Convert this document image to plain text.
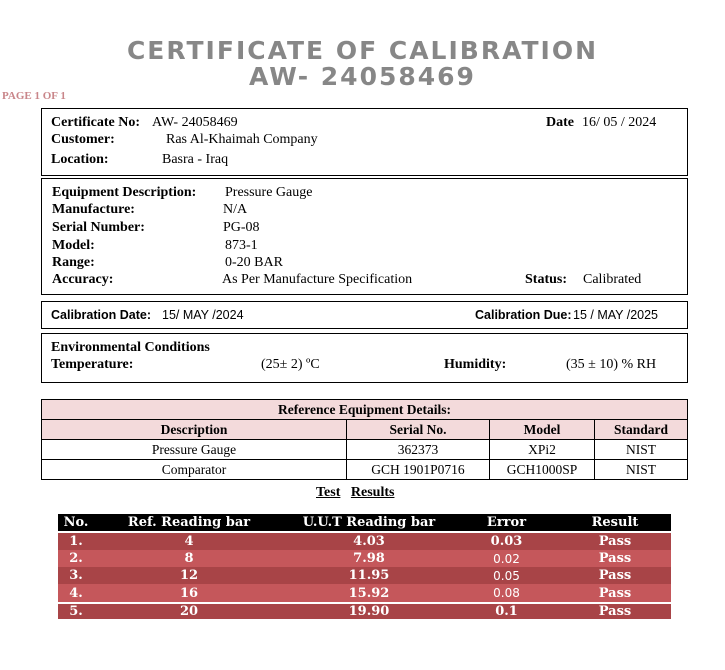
CERTIFICATE OF CALIBRATION
AW- 24058469
PAGE 1 OF 1
Certificate No: AW- 24058469	Date 16/ 05 / 2024
Customer:	Ras Al-Khaimah Company
Location:	Basra - Iraq
Equipment Description: Pressure Gauge
Manufacture:	N/A
Serial Number:	PG-08
Model:	873-1
Range:	0-20 BAR
Accuracy:	As Per Manufacture Specification	Status: Calibrated
Calibration Date: 15/ MAY /2024	Calibration Due: 15 / MAY /2025
Environmental Conditions
Temperature:	(25± 2) ºC	Humidity:	(35 ± 10) % RH
Reference Equipment Details:			
Description	Serial No.	Model	Standard
Pressure Gauge	362373	XPi2	NIST
Comparator	GCH 1901P0716	GCH1000SP	NIST
Test Results
No.	Ref. Reading bar	U.U.T Reading bar	Error	Result
1.	4	4.03	0.03	Pass
2.	8	7.98	0.02	Pass
3.	12	11.95	0.05	Pass
4.	16	15.92	0.08	Pass
5.	20	19.90	0.1	Pass
